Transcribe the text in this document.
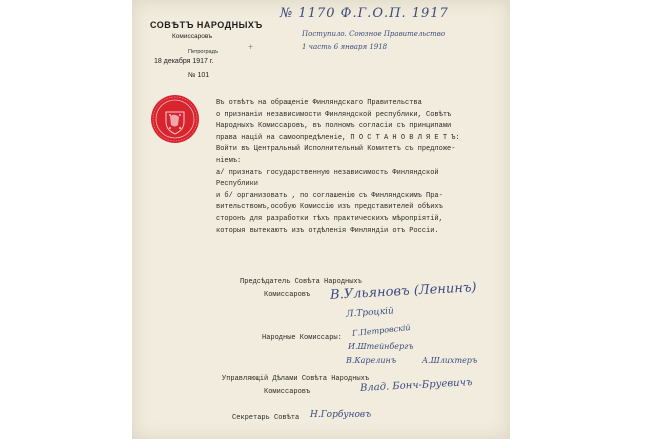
СОВѢТЪ НАРОДНЫХЪ
Комиссаровъ
Петроградъ
18 декабря 1917 г.
№ 101
№ 1170 Ф.Г.О.П. 1917
Поступило. Союзное Правительство
1 часть 6 января 1918
+
Въ отвѣтъ на обращеніе Финляндскаго Правительства
о признаніи независимости Финляндской республики, Совѣтъ
Народныхъ Комиссаровъ, въ полномъ согласіи съ принципами
права націй на самоопредѣленіе, П О С Т А Н О В Л Я Е Т Ъ:
Войти въ Центральный Исполнительный Комитетъ съ предложе-
ніемъ:
а/ признать государственную независимость Финляндской
Республики
и б/ организовать , по соглашенію съ Финляндскимъ Пра-
вительствомъ,особую Комиссію изъ представителей обѣихъ
сторонъ для разработки тѣхъ практическихъ мѣропріятій,
которыя вытекаютъ изъ отдѣленія Финляндіи отъ Россіи.
Предсѣдатель Совѣта Народныхъ
Комиссаровъ В.Ульяновъ (Ленинъ)
Народные Комиссары:
Л.Троцкій
Г.Петровскій
И.Штейнбергъ
В.Карелинъ	А.Шлихтеръ
Управляющій Дѣлами Совѣта Народныхъ
Комиссаровъ	Влад. Бонч-Бруевичъ
Секретарь Совѣта Н.Горбуновъ
